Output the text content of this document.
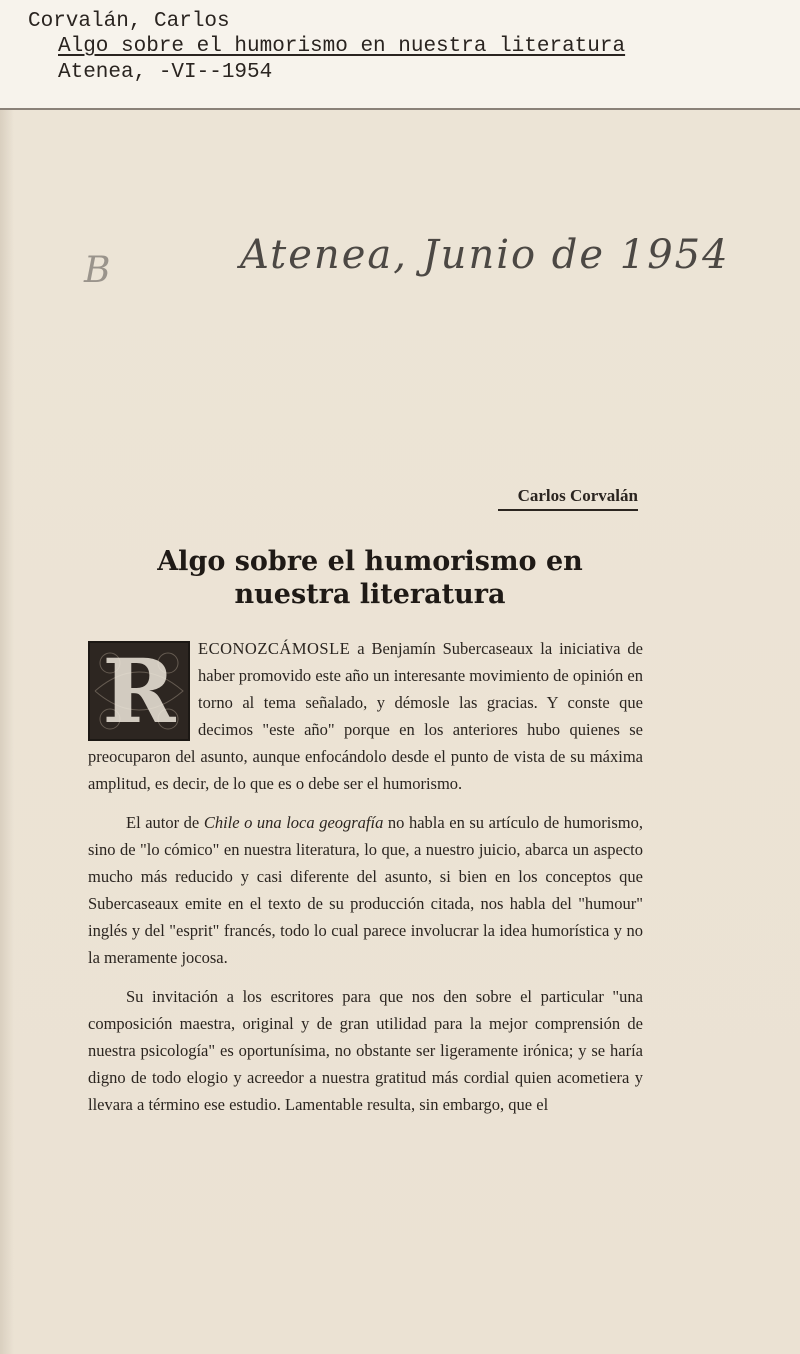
Corvalán, Carlos
Algo sobre el humorismo en nuestra literatura
Atenea, -VI--1954
B	Atenea, Junio de 1954
Carlos Corvalán
Algo sobre el humorismo en
nuestra literatura

R	ECONOZCÁMOSLE a Benjamín Subercaseaux la iniciativa de haber promovido este año un interesante movimiento de opinión en torno al tema señalado, y démosle las gracias. Y conste que decimos "este año" porque en los anteriores hubo quienes se preocuparon del asunto, aunque enfocándolo desde el punto de vista de su máxima amplitud, es decir, de lo que es o debe ser el humorismo.

El autor de Chile o una loca geografía no habla en su artículo de humorismo, sino de "lo cómico" en nuestra literatura, lo que, a nuestro juicio, abarca un aspecto mucho más reducido y casi diferente del asunto, si bien en los conceptos que Subercaseaux emite en el texto de su producción citada, nos habla del "humour" inglés y del "esprit" francés, todo lo cual parece involucrar la idea humorística y no la meramente jocosa.

Su invitación a los escritores para que nos den sobre el particular "una composición maestra, original y de gran utilidad para la mejor comprensión de nuestra psicología" es oportunísima, no obstante ser ligeramente irónica; y se haría digno de todo elogio y acreedor a nuestra gratitud más cordial quien acometiera y llevara a término ese estudio. Lamentable resulta, sin embargo, que el
